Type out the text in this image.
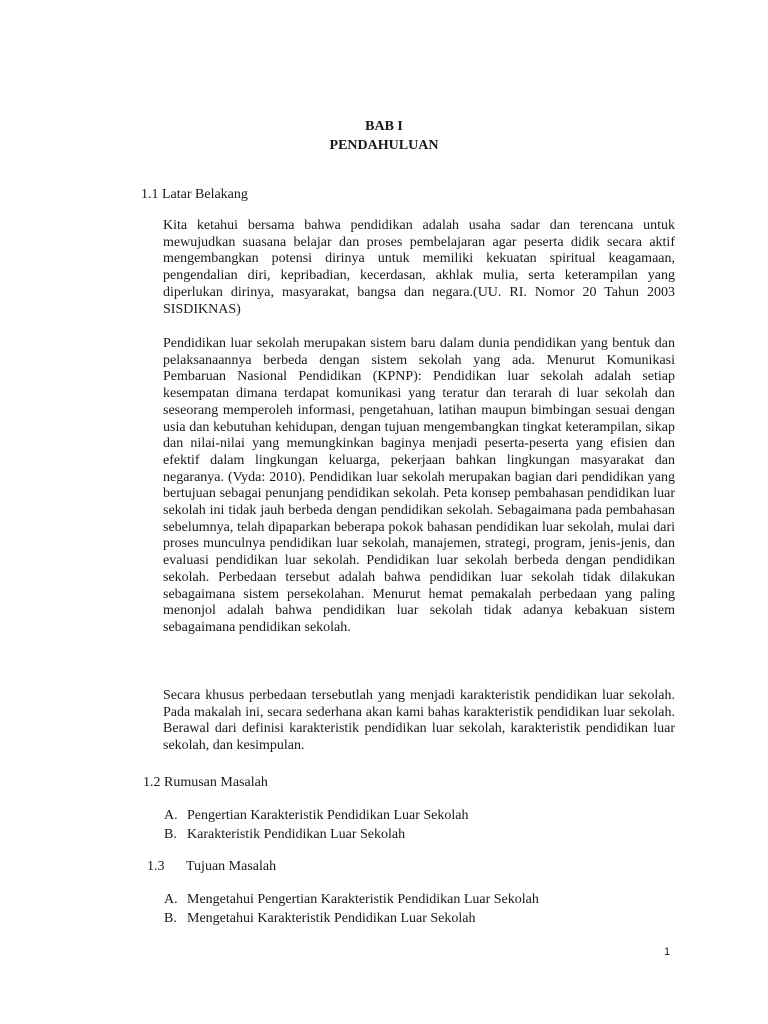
BAB I
PENDAHULUAN
1.1 Latar Belakang

Kita ketahui bersama bahwa pendidikan adalah usaha sadar dan terencana untuk mewujudkan suasana belajar dan proses pembelajaran agar peserta didik secara aktif mengembangkan potensi dirinya untuk memiliki kekuatan spiritual keagamaan, pengendalian diri, kepribadian, kecerdasan, akhlak mulia, serta keterampilan yang diperlukan dirinya, masyarakat, bangsa dan negara.(UU. RI. Nomor 20 Tahun 2003 SISDIKNAS)

Pendidikan luar sekolah merupakan sistem baru dalam dunia pendidikan yang bentuk dan pelaksanaannya berbeda dengan sistem sekolah yang ada. Menurut Komunikasi Pembaruan Nasional Pendidikan (KPNP): Pendidikan luar sekolah adalah setiap kesempatan dimana terdapat komunikasi yang teratur dan terarah di luar sekolah dan seseorang memperoleh informasi, pengetahuan, latihan maupun bimbingan sesuai dengan usia dan kebutuhan kehidupan, dengan tujuan mengembangkan tingkat keterampilan, sikap dan nilai-nilai yang memungkinkan baginya menjadi peserta-peserta yang efisien dan efektif dalam lingkungan keluarga, pekerjaan bahkan lingkungan masyarakat dan negaranya. (Vyda: 2010). Pendidikan luar sekolah merupakan bagian dari pendidikan yang bertujuan sebagai penunjang pendidikan sekolah. Peta konsep pembahasan pendidikan luar sekolah ini tidak jauh berbeda dengan pendidikan sekolah. Sebagaimana pada pembahasan sebelumnya, telah dipaparkan beberapa pokok bahasan pendidikan luar sekolah, mulai dari proses munculnya pendidikan luar sekolah, manajemen, strategi, program, jenis-jenis, dan evaluasi pendidikan luar sekolah. Pendidikan luar sekolah berbeda dengan pendidikan sekolah. Perbedaan tersebut adalah bahwa pendidikan luar sekolah tidak dilakukan sebagaimana sistem persekolahan. Menurut hemat pemakalah perbedaan yang paling menonjol adalah bahwa pendidikan luar sekolah tidak adanya kebakuan sistem sebagaimana pendidikan sekolah.

Secara khusus perbedaan tersebutlah yang menjadi karakteristik pendidikan luar sekolah. Pada makalah ini, secara sederhana akan kami bahas karakteristik pendidikan luar sekolah. Berawal dari definisi karakteristik pendidikan luar sekolah, karakteristik pendidikan luar sekolah, dan kesimpulan.

1.2 Rumusan Masalah
A. Pengertian Karakteristik Pendidikan Luar Sekolah
B. Karakteristik Pendidikan Luar Sekolah
1.3 Tujuan Masalah
A. Mengetahui Pengertian Karakteristik Pendidikan Luar Sekolah
B. Mengetahui Karakteristik Pendidikan Luar Sekolah
1
